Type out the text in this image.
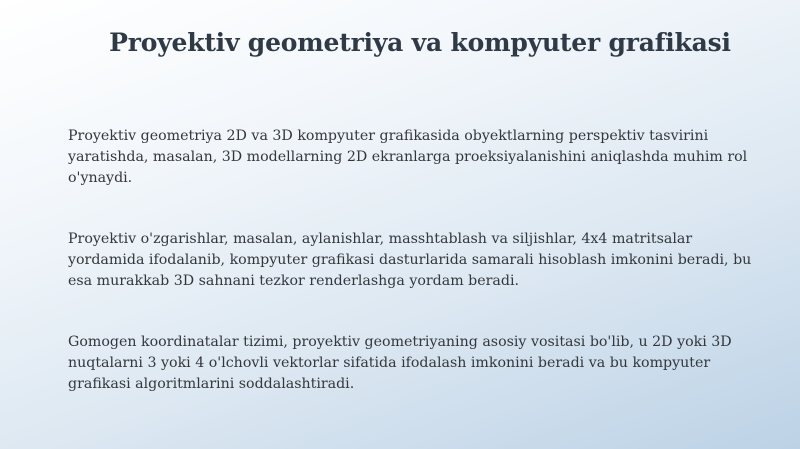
Proyektiv geometriya va kompyuter grafikasi

Proyektiv geometriya 2D va 3D kompyuter grafikasida obyektlarning perspektiv tasvirini yaratishda, masalan, 3D modellarning 2D ekranlarga proeksiyalanishini aniqlashda muhim rol o'ynaydi.

Proyektiv o'zgarishlar, masalan, aylanishlar, masshtablash va siljishlar, 4x4 matritsalar yordamida ifodalanib, kompyuter grafikasi dasturlarida samarali hisoblash imkonini beradi, bu esa murakkab 3D sahnani tezkor renderlashga yordam beradi.

Gomogen koordinatalar tizimi, proyektiv geometriyaning asosiy vositasi bo'lib, u 2D yoki 3D nuqtalarni 3 yoki 4 o'lchovli vektorlar sifatida ifodalash imkonini beradi va bu kompyuter grafikasi algoritmlarini soddalashtiradi.
